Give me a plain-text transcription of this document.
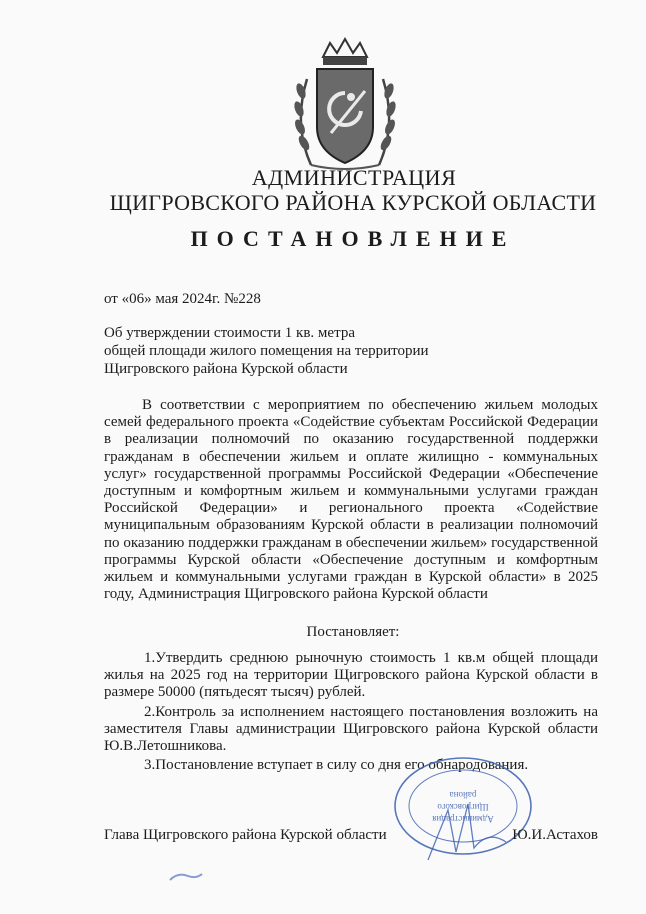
АДМИНИСТРАЦИЯ
ЩИГРОВСКОГО РАЙОНА КУРСКОЙ ОБЛАСТИ
ПОСТАНОВЛЕНИЕ
от «06» мая 2024г. №228
Об утверждении стоимости 1 кв. метра
общей площади жилого помещения на территории
Щигровского района Курской области
В соответствии с мероприятием по обеспечению жильем молодых семей федерального проекта «Содействие субъектам Российской Федерации в реализации полномочий по оказанию государственной поддержки гражданам в обеспечении жильем и оплате жилищно - коммунальных услуг» государственной программы Российской Федерации «Обеспечение доступным и комфортным жильем и коммунальными услугами граждан Российской Федерации» и регионального проекта «Содействие муниципальным образованиям Курской области в реализации полномочий по оказанию поддержки гражданам в обеспечении жильем» государственной программы Курской области «Обеспечение доступным и комфортным жильем и коммунальными услугами граждан в Курской области» в 2025 году, Администрация Щигровского района Курской области
Постановляет:
1.Утвердить среднюю рыночную стоимость 1 кв.м общей площади жилья на 2025 год на территории Щигровского района Курской области в размере 50000 (пятьдесят тысяч) рублей.
2.Контроль за исполнением настоящего постановления возложить на заместителя Главы администрации Щигровского района Курской области Ю.В.Летошникова.
3.Постановление вступает в силу со дня его обнародования.
Администрация
Щигровского
района
Глава Щигровского района Курской области	Ю.И.Астахов
